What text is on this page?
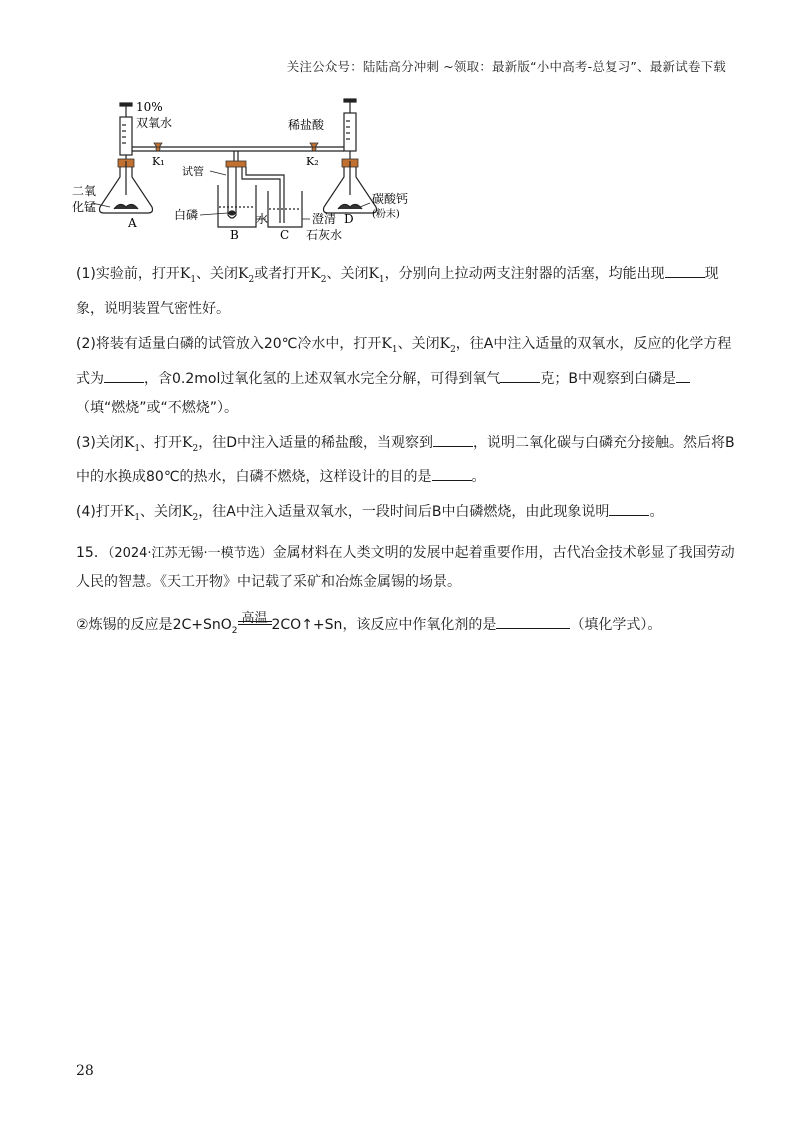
关注公众号：陆陆高分冲刺 ~领取：最新版“小中高考-总复习”、最新试卷下载
10%
双氧水	稀盐酸
K₁	K₂
试管
二氧
化锰
碳酸钙
(粉末)
白磷	水	澄清
石灰水
A
B	C
D

(1)实验前，打开$K_1$、关闭$K_2$或者打开$K_2$、关闭$K_1$，分别向上拉动两支注射器的活塞，均能出现	现象，说明装置气密性好。

(2)将装有适量白磷的试管放入20℃冷水中，打开$K_1$、关闭$K_2$，往A中注入适量的双氧水，反应的化学方程式为	，含0.2mol过氧化氢的上述双氧水完全分解，可得到氧气	克；B中观察到白磷是（填“燃烧”或“不燃烧”）。

(3)关闭$K_1$、打开$K_2$，往D中注入适量的稀盐酸，当观察到	，说明二氧化碳与白磷充分接触。然后将B中的水换成80℃的热水，白磷不燃烧，这样设计的目的是	。

(4)打开$K_1$、关闭$K_2$，往A中注入适量双氧水，一段时间后B中白磷燃烧，由此现象说明	。

15．（2024·江苏无锡·一模节选）金属材料在人类文明的发展中起着重要作用，古代冶金技术彰显了我国劳动人民的智慧。《天工开物》中记载了采矿和冶炼金属锡的场景。

②炼锡的反应是2C+SnO$_2$
高温 2CO↑+Sn，该反应中作氧化剂的是	（填化学式）。

28
